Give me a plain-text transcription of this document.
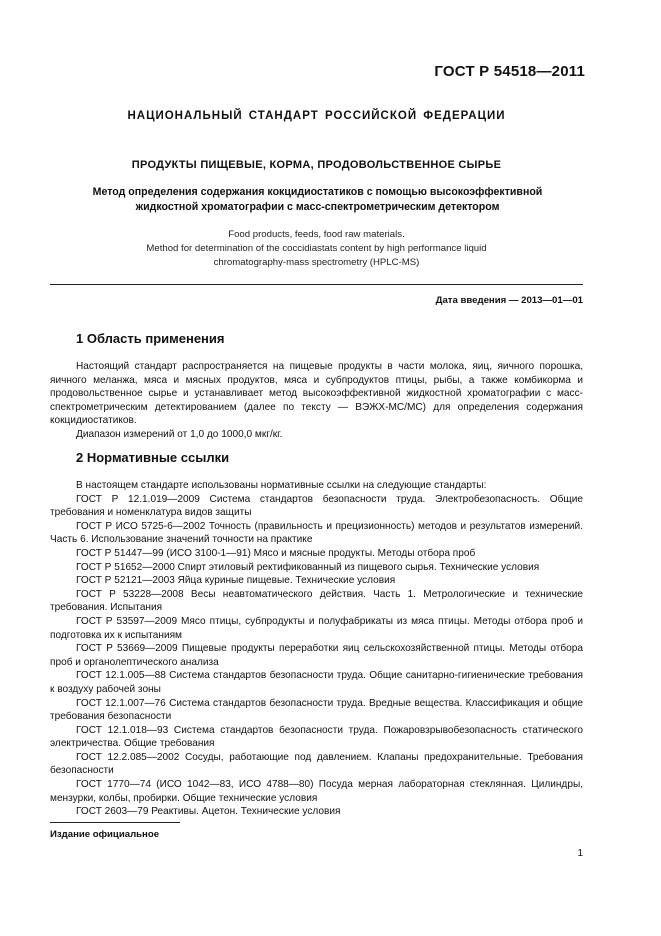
ГОСТ Р 54518—2011
НАЦИОНАЛЬНЫЙ СТАНДАРТ РОССИЙСКОЙ ФЕДЕРАЦИИ
ПРОДУКТЫ ПИЩЕВЫЕ, КОРМА, ПРОДОВОЛЬСТВЕННОЕ СЫРЬЕ
Метод определения содержания кокцидиостатиков с помощью высокоэффективной жидкостной хроматографии с масс-спектрометрическим детектором
Food products, feeds, food raw materials.
Method for determination of the coccidiastats content by high performance liquid
chromatography-mass spectrometry (HPLC-MS)
Дата введения — 2013—01—01
1 Область применения

Настоящий стандарт распространяется на пищевые продукты в части молока, яиц, яичного порошка, яичного меланжа, мяса и мясных продуктов, мяса и субпродуктов птицы, рыбы, а также комбикорма и продовольственное сырье и устанавливает метод высокоэффективной жидкостной хроматографии с масс-спектрометрическим детектированием (далее по тексту — ВЭЖХ-МС/МС) для определения содержания кокцидиостатиков.

Диапазон измерений от 1,0 до 1000,0 мкг/кг.

2 Нормативные ссылки

В настоящем стандарте использованы нормативные ссылки на следующие стандарты:

ГОСТ Р 12.1.019—2009 Система стандартов безопасности труда. Электробезопасность. Общие требования и номенклатура видов защиты

ГОСТ Р ИСО 5725-6—2002 Точность (правильность и прецизионность) методов и результатов измерений. Часть 6. Использование значений точности на практике

ГОСТ Р 51447—99 (ИСО 3100-1—91) Мясо и мясные продукты. Методы отбора проб

ГОСТ Р 51652—2000 Спирт этиловый ректификованный из пищевого сырья. Технические условия

ГОСТ Р 52121—2003 Яйца куриные пищевые. Технические условия

ГОСТ Р 53228—2008 Весы неавтоматического действия. Часть 1. Метрологические и технические требования. Испытания

ГОСТ Р 53597—2009 Мясо птицы, субпродукты и полуфабрикаты из мяса птицы. Методы отбора проб и подготовка их к испытаниям

ГОСТ Р 53669—2009 Пищевые продукты переработки яиц сельскохозяйственной птицы. Методы отбора проб и органолептического анализа

ГОСТ 12.1.005—88 Система стандартов безопасности труда. Общие санитарно-гигиенические требования к воздуху рабочей зоны

ГОСТ 12.1.007—76 Система стандартов безопасности труда. Вредные вещества. Классификация и общие требования безопасности

ГОСТ 12.1.018—93 Система стандартов безопасности труда. Пожаровзрывобезопасность статического электричества. Общие требования

ГОСТ 12.2.085—2002 Сосуды, работающие под давлением. Клапаны предохранительные. Требования безопасности

ГОСТ 1770—74 (ИСО 1042—83, ИСО 4788—80) Посуда мерная лабораторная стеклянная. Цилиндры, мензурки, колбы, пробирки. Общие технические условия

ГОСТ 2603—79 Реактивы. Ацетон. Технические условия

Издание официальное
1
